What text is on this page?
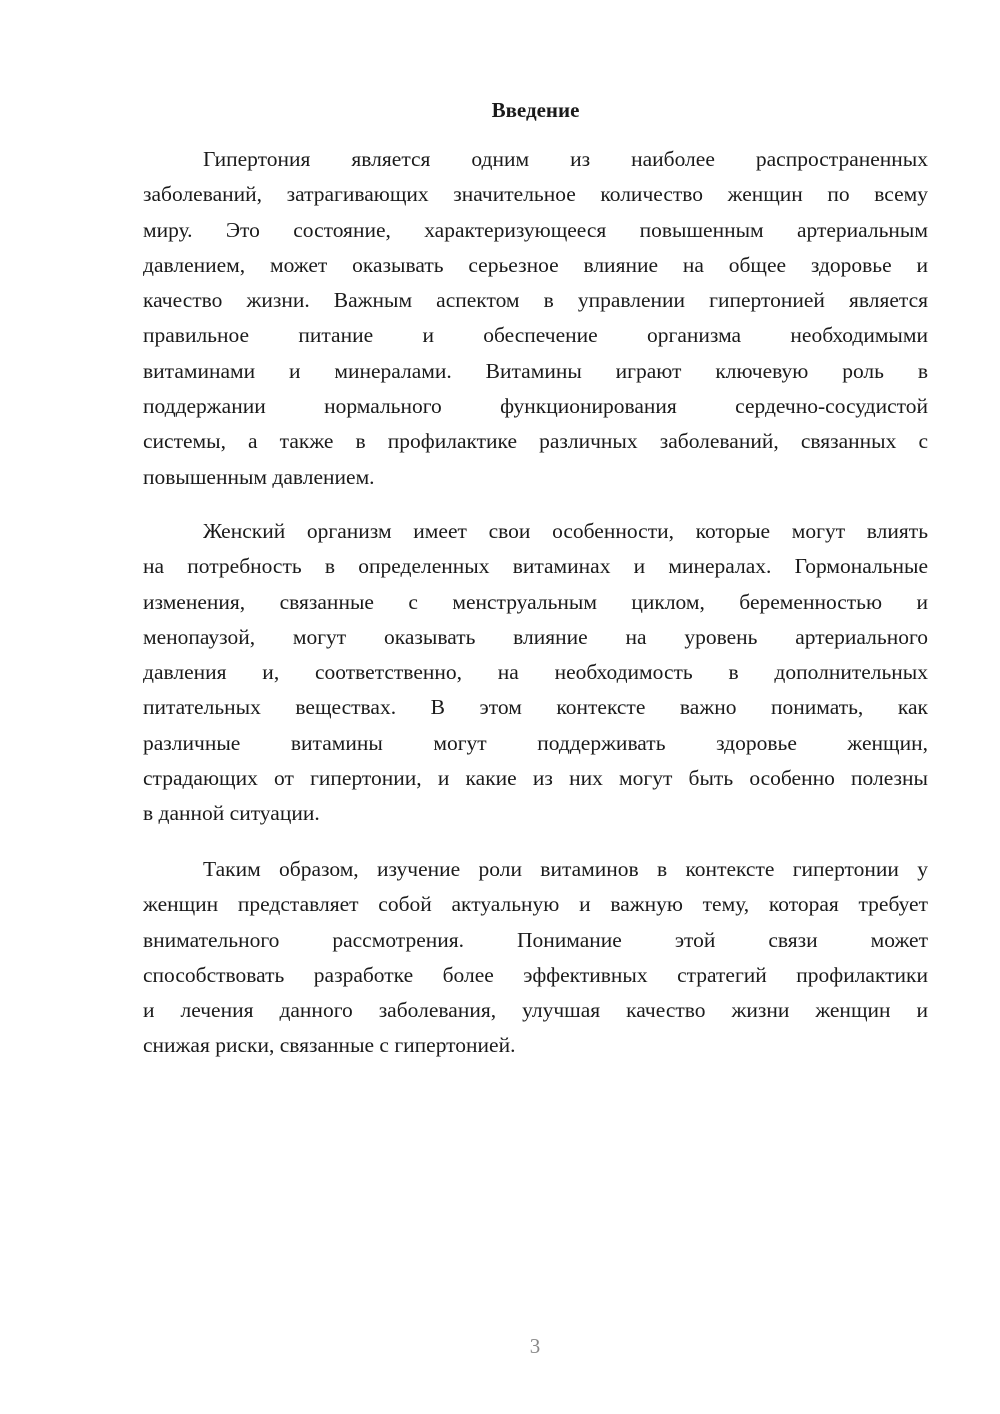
Введение
Гипертония является одним из наиболее распространенных
заболеваний, затрагивающих значительное количество женщин по всему
миру. Это состояние, характеризующееся повышенным артериальным
давлением, может оказывать серьезное влияние на общее здоровье и
качество жизни. Важным аспектом в управлении гипертонией является
правильное питание и обеспечение организма необходимыми
витаминами и минералами. Витамины играют ключевую роль в
поддержании нормального функционирования сердечно-сосудистой
системы, а также в профилактике различных заболеваний, связанных с
повышенным давлением.
Женский организм имеет свои особенности, которые могут влиять
на потребность в определенных витаминах и минералах. Гормональные
изменения, связанные с менструальным циклом, беременностью и
менопаузой, могут оказывать влияние на уровень артериального
давления и, соответственно, на необходимость в дополнительных
питательных веществах. В этом контексте важно понимать, как
различные витамины могут поддерживать здоровье женщин,
страдающих от гипертонии, и какие из них могут быть особенно полезны
в данной ситуации.
Таким образом, изучение роли витаминов в контексте гипертонии у
женщин представляет собой актуальную и важную тему, которая требует
внимательного рассмотрения. Понимание этой связи может
способствовать разработке более эффективных стратегий профилактики
и лечения данного заболевания, улучшая качество жизни женщин и
снижая риски, связанные с гипертонией.
3
